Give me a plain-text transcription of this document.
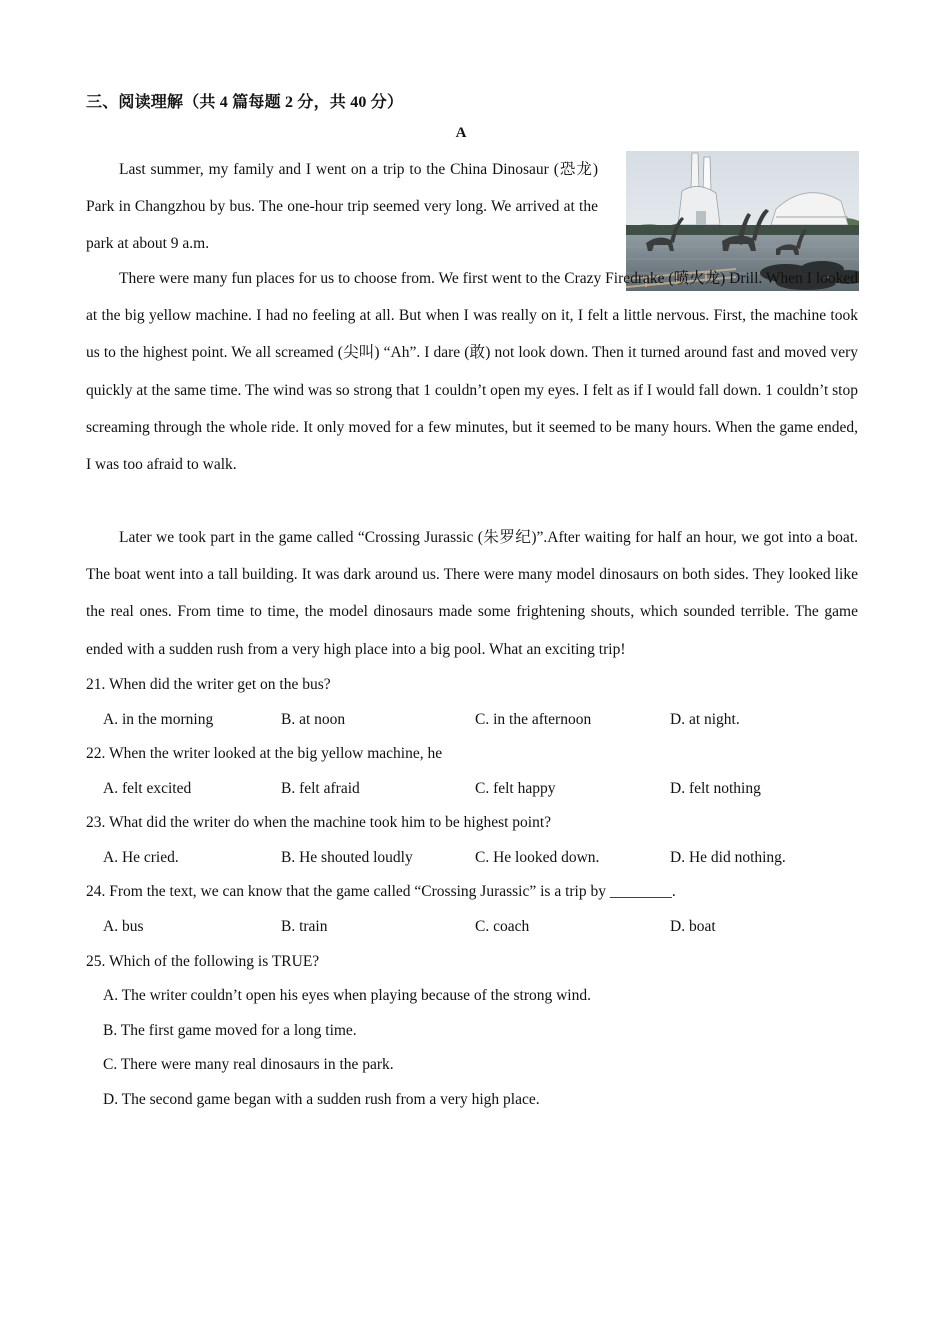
三、阅读理解（共 4 篇每题 2 分，共 40 分）
A

Last summer, my family and I went on a trip to the China Dinosaur (恐龙) Park in Changzhou by bus. The one-hour trip seemed very long. We arrived at the park at about 9 a.m.

There were many fun places for us to choose from. We first went to the Crazy Firedrake (喷火龙) Drill. When I looked at the big yellow machine. I had no feeling at all. But when I was really on it, I felt a little nervous. First, the machine took us to the highest point. We all screamed (尖叫) “Ah”. I dare (敢) not look down. Then it turned around fast and moved very quickly at the same time. The wind was so strong that 1 couldn’t open my eyes. I felt as if I would fall down. 1 couldn’t stop screaming through the whole ride. It only moved for a few minutes, but it seemed to be many hours. When the game ended, I was too afraid to walk.

Later we took part in the game called “Crossing Jurassic (朱罗纪)”.After waiting for half an hour, we got into a boat. The boat went into a tall building. It was dark around us. There were many model dinosaurs on both sides. They looked like the real ones. From time to time, the model dinosaurs made some frightening shouts, which sounded terrible. The game ended with a sudden rush from a very high place into a big pool. What an exciting trip!

21. When did the writer get on the bus?
A. in the morning	B. at noon	C. in the afternoon	D. at night.
22. When the writer looked at the big yellow machine, he
A. felt excited	B. felt afraid	C. felt happy	D. felt nothing
23. What did the writer do when the machine took him to be highest point?
A. He cried.	B. He shouted loudly	C. He looked down.	D. He did nothing.
24. From the text, we can know that the game called “Crossing Jurassic” is a trip by ________.
A. bus	B. train	C. coach	D. boat
25. Which of the following is TRUE?
A. The writer couldn’t open his eyes when playing because of the strong wind.
B. The first game moved for a long time.
C. There were many real dinosaurs in the park.
D. The second game began with a sudden rush from a very high place.
